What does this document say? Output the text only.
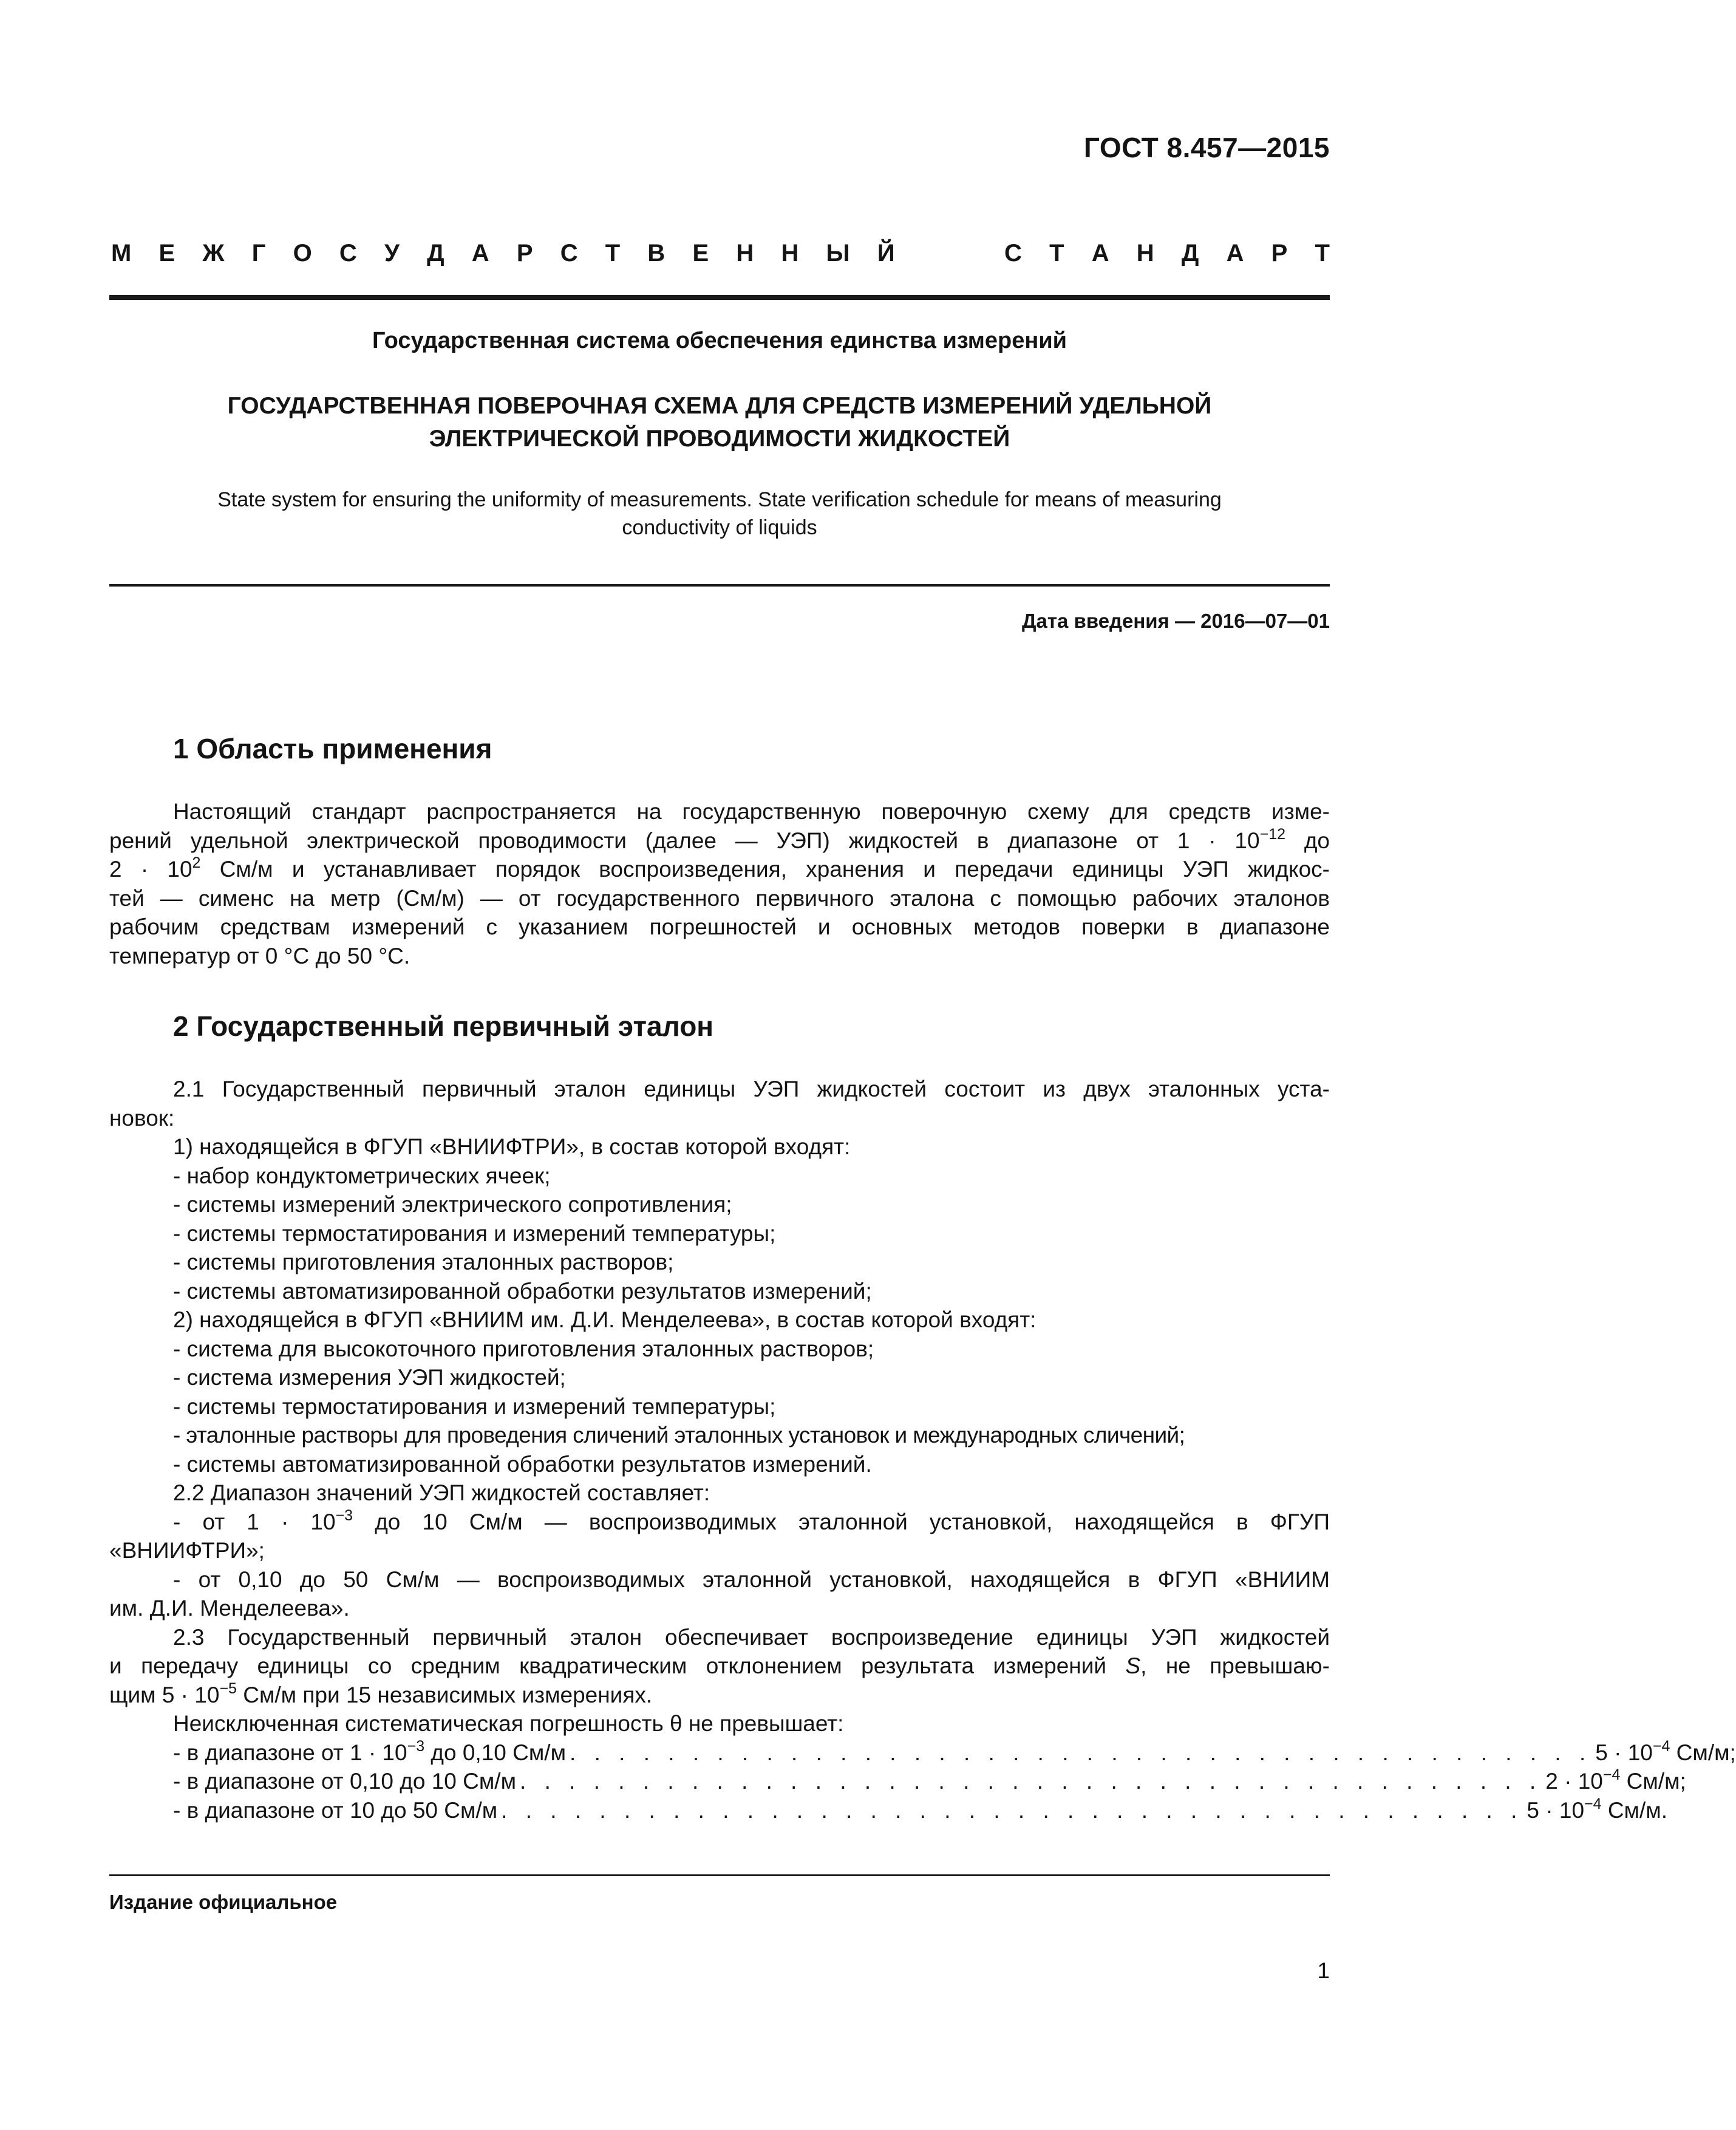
ГОСТ 8.457—2015
М Е Ж Г О С У Д А Р С Т В Е Н Н Ы Й	С Т А Н Д А Р Т
Государственная система обеспечения единства измерений
ГОСУДАРСТВЕННАЯ ПОВЕРОЧНАЯ СХЕМА ДЛЯ СРЕДСТВ ИЗМЕРЕНИЙ УДЕЛЬНОЙ
ЭЛЕКТРИЧЕСКОЙ ПРОВОДИМОСТИ ЖИДКОСТЕЙ
State system for ensuring the uniformity of measurements. State verification schedule for means of measuring
conductivity of liquids
Дата введения — 2016—07—01
1 Область применения
Настоящий стандарт распространяется на государственную поверочную схему для средств изме-
рений удельной электрической проводимости (далее — УЭП) жидкостей в диапазоне от $1 \cdot 10^{-12}$ до
$2 \cdot 10^2$ См/м и устанавливает порядок воспроизведения, хранения и передачи единицы УЭП жидкос-
тей — сименс на метр (См/м) — от государственного первичного эталона с помощью рабочих эталонов
рабочим средствам измерений с указанием погрешностей и основных методов поверки в диапазоне
температур от 0 °С до 50 °С.
2 Государственный первичный эталон
2.1 Государственный первичный эталон единицы УЭП жидкостей состоит из двух эталонных уста-
новок:
1) находящейся в ФГУП «ВНИИФТРИ», в состав которой входят:
- набор кондуктометрических ячеек;
- системы измерений электрического сопротивления;
- системы термостатирования и измерений температуры;
- системы приготовления эталонных растворов;
- системы автоматизированной обработки результатов измерений;
2) находящейся в ФГУП «ВНИИМ им. Д.И. Менделеева», в состав которой входят:
- система для высокоточного приготовления эталонных растворов;
- система измерения УЭП жидкостей;
- системы термостатирования и измерений температуры;
- эталонные растворы для проведения сличений эталонных установок и международных сличений;
- системы автоматизированной обработки результатов измерений.
2.2 Диапазон значений УЭП жидкостей составляет:
- от $1 \cdot 10^{-3}$ до 10 См/м — воспроизводимых эталонной установкой, находящейся в ФГУП
«ВНИИФТРИ»;
- от 0,10 до 50 См/м — воспроизводимых эталонной установкой, находящейся в ФГУП «ВНИИМ
им. Д.И. Менделеева».
2.3 Государственный первичный эталон обеспечивает воспроизведение единицы УЭП жидкостей
и передачу единицы со средним квадратическим отклонением результата измерений S, не превышаю-
щим $5 \cdot 10^{-5}$ См/м при 15 независимых измерениях.
Неисключенная систематическая погрешность θ не превышает:
- в диапазоне от $1 \cdot 10^{-3}$ до 0,10 См/м . . . . . . . . . . . . . . . . . . . . . . . . . . . . . . . . . . . . . . . . . . $5 \cdot 10^{-4}$ См/м;
- в диапазоне от 0,10 до 10 См/м . . . . . . . . . . . . . . . . . . . . . . . . . . . . . . . . . . . . . . . . . . $2 \cdot 10^{-4}$ См/м;
- в диапазоне от 10 до 50 См/м . . . . . . . . . . . . . . . . . . . . . . . . . . . . . . . . . . . . . . . . . . $5 \cdot 10^{-4}$ См/м.
Издание официальное
1
